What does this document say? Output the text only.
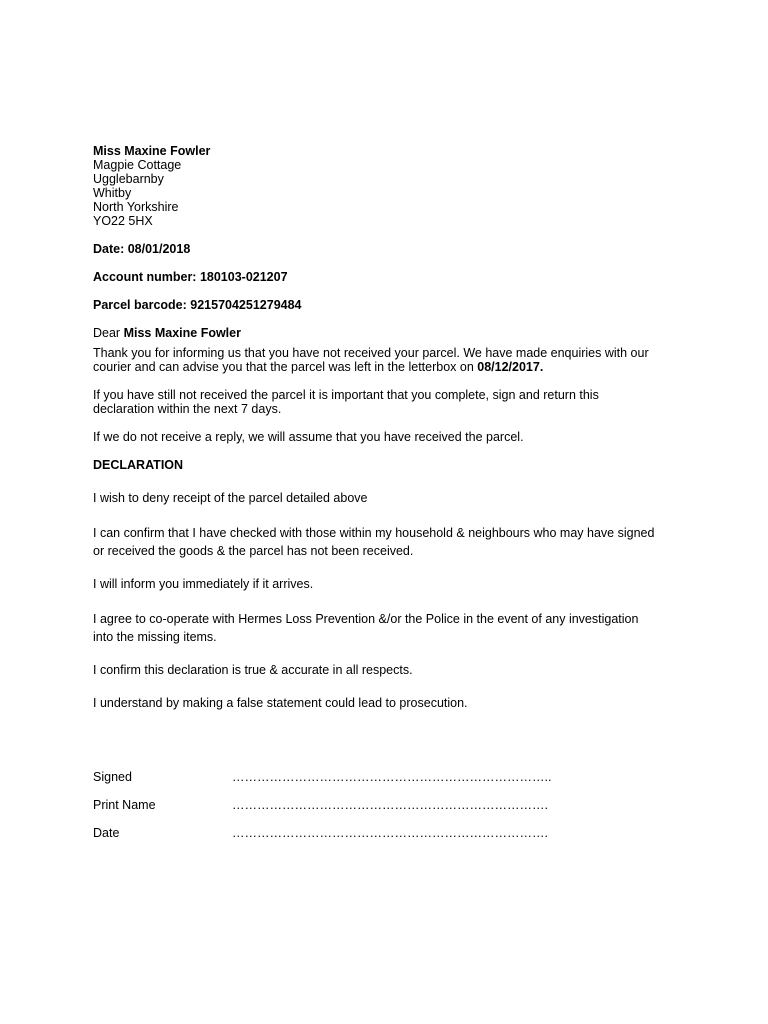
Miss Maxine Fowler
Magpie Cottage
Ugglebarnby
Whitby
North Yorkshire
YO22 5HX
Date: 08/01/2018
Account number: 180103-021207
Parcel barcode: 9215704251279484
Dear Miss Maxine Fowler
Thank you for informing us that you have not received your parcel. We have made enquiries with our
courier and can advise you that the parcel was left in the letterbox on 08/12/2017.
If you have still not received the parcel it is important that you complete, sign and return this
declaration within the next 7 days.
If we do not receive a reply, we will assume that you have received the parcel.
DECLARATION
I wish to deny receipt of the parcel detailed above
I can confirm that I have checked with those within my household & neighbours who may have signed
or received the goods & the parcel has not been received.
I will inform you immediately if it arrives.
I agree to co-operate with Hermes Loss Prevention &/or the Police in the event of any investigation
into the missing items.
I confirm this declaration is true & accurate in all respects.
I understand by making a false statement could lead to prosecution.
Signed	…………………………………………………………………..
Print Name	………………………………………………………………….
Date	………………………………………………………………….
